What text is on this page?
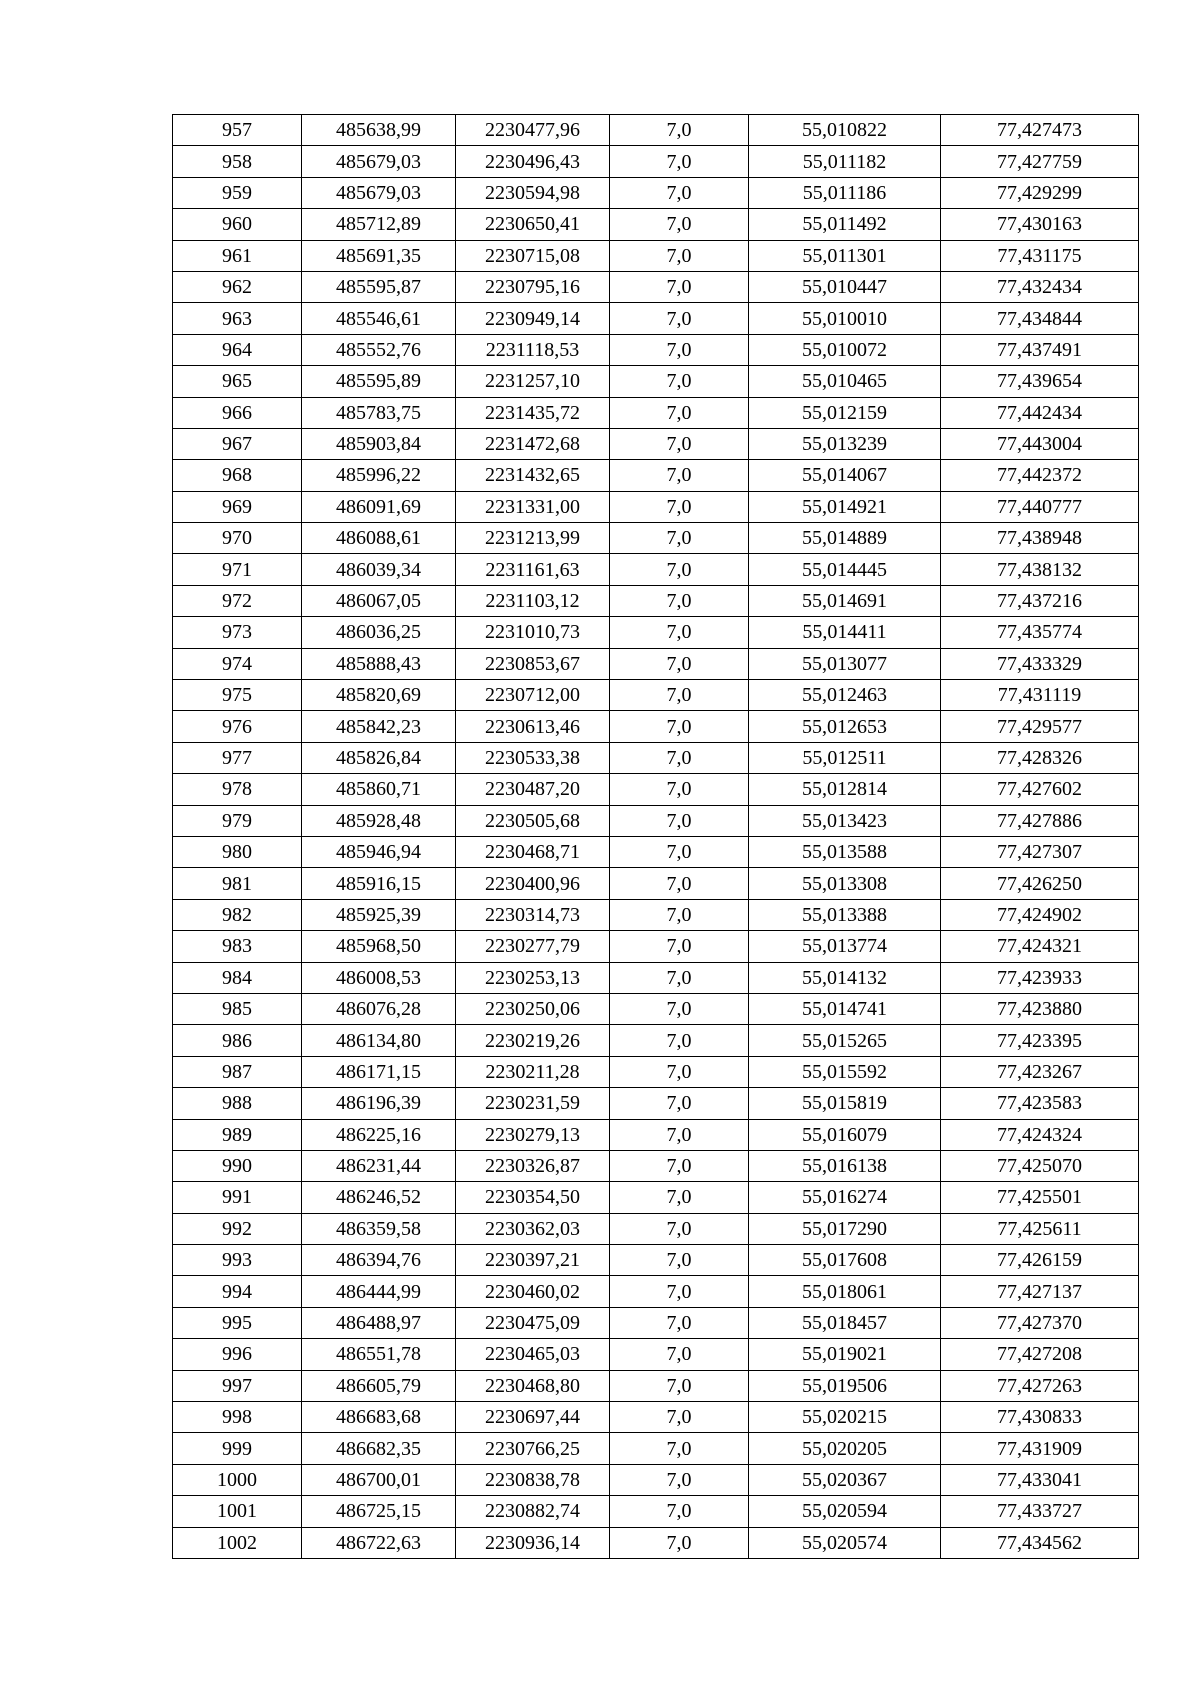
957	485638,99	2230477,96	7,0	55,010822	77,427473
958	485679,03	2230496,43	7,0	55,011182	77,427759
959	485679,03	2230594,98	7,0	55,011186	77,429299
960	485712,89	2230650,41	7,0	55,011492	77,430163
961	485691,35	2230715,08	7,0	55,011301	77,431175
962	485595,87	2230795,16	7,0	55,010447	77,432434
963	485546,61	2230949,14	7,0	55,010010	77,434844
964	485552,76	2231118,53	7,0	55,010072	77,437491
965	485595,89	2231257,10	7,0	55,010465	77,439654
966	485783,75	2231435,72	7,0	55,012159	77,442434
967	485903,84	2231472,68	7,0	55,013239	77,443004
968	485996,22	2231432,65	7,0	55,014067	77,442372
969	486091,69	2231331,00	7,0	55,014921	77,440777
970	486088,61	2231213,99	7,0	55,014889	77,438948
971	486039,34	2231161,63	7,0	55,014445	77,438132
972	486067,05	2231103,12	7,0	55,014691	77,437216
973	486036,25	2231010,73	7,0	55,014411	77,435774
974	485888,43	2230853,67	7,0	55,013077	77,433329
975	485820,69	2230712,00	7,0	55,012463	77,431119
976	485842,23	2230613,46	7,0	55,012653	77,429577
977	485826,84	2230533,38	7,0	55,012511	77,428326
978	485860,71	2230487,20	7,0	55,012814	77,427602
979	485928,48	2230505,68	7,0	55,013423	77,427886
980	485946,94	2230468,71	7,0	55,013588	77,427307
981	485916,15	2230400,96	7,0	55,013308	77,426250
982	485925,39	2230314,73	7,0	55,013388	77,424902
983	485968,50	2230277,79	7,0	55,013774	77,424321
984	486008,53	2230253,13	7,0	55,014132	77,423933
985	486076,28	2230250,06	7,0	55,014741	77,423880
986	486134,80	2230219,26	7,0	55,015265	77,423395
987	486171,15	2230211,28	7,0	55,015592	77,423267
988	486196,39	2230231,59	7,0	55,015819	77,423583
989	486225,16	2230279,13	7,0	55,016079	77,424324
990	486231,44	2230326,87	7,0	55,016138	77,425070
991	486246,52	2230354,50	7,0	55,016274	77,425501
992	486359,58	2230362,03	7,0	55,017290	77,425611
993	486394,76	2230397,21	7,0	55,017608	77,426159
994	486444,99	2230460,02	7,0	55,018061	77,427137
995	486488,97	2230475,09	7,0	55,018457	77,427370
996	486551,78	2230465,03	7,0	55,019021	77,427208
997	486605,79	2230468,80	7,0	55,019506	77,427263
998	486683,68	2230697,44	7,0	55,020215	77,430833
999	486682,35	2230766,25	7,0	55,020205	77,431909
1000	486700,01	2230838,78	7,0	55,020367	77,433041
1001	486725,15	2230882,74	7,0	55,020594	77,433727
1002	486722,63	2230936,14	7,0	55,020574	77,434562
